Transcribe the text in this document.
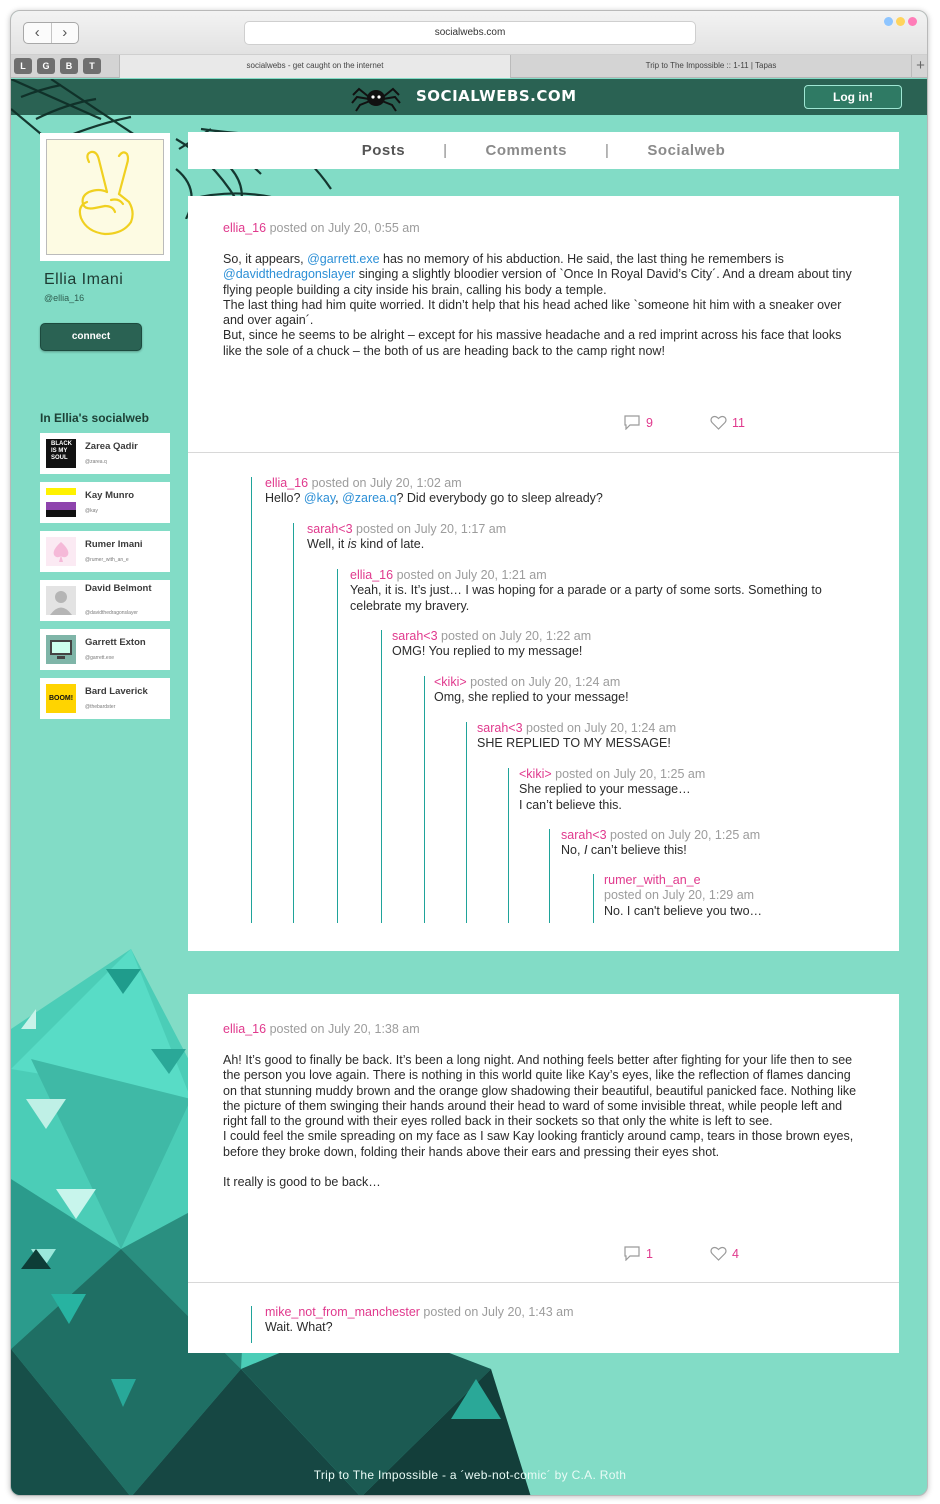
‹	›	socialwebs.com
L	G	B	T	socialwebs - get caught on the internet	Trip to The Impossible :: 1-11 | Tapas	+
SOCIALWEBS.COM	Log in!
Ellia Imani
@ellia_16
connect
In Ellia's socialweb
BLACK IS MY SOUL
Zarea Qadir
@zarea.q
Kay Munro
@kay
Rumer Imani
@rumer_with_an_e
David Belmont
@davidthedragonslayer
Garrett Exton
@garrett.exe
BOOM!
Bard Laverick
@thebardster
Posts	|	Comments	|	Socialweb
ellia_16 posted on July 20, 0:55 am

So, it appears, @garrett.exe has no memory of his abduction. He said, the last thing he remembers is @davidthedragonslayer singing a slightly bloodier version of `Once In Royal David’s City´. And a dream about tiny flying people building a city inside his brain, calling his body a temple.

The last thing had him quite worried. It didn’t help that his head ached like `someone hit him with a sneaker over and over again´.

But, since he seems to be alright – except for his massive headache and a red imprint across his face that looks like the sole of a chuck – the both of us are heading back to the camp right now!

9	11
ellia_16 posted on July 20, 1:02 am
Hello? @kay, @zarea.q? Did everybody go to sleep already?
sarah<3 posted on July 20, 1:17 am
Well, it is kind of late.
ellia_16 posted on July 20, 1:21 am
Yeah, it is. It’s just… I was hoping for a parade or a party of some sorts. Something to celebrate my bravery.
sarah<3 posted on July 20, 1:22 am
OMG! You replied to my message!
<kiki> posted on July 20, 1:24 am
Omg, she replied to your message!
sarah<3 posted on July 20, 1:24 am
SHE REPLIED TO MY MESSAGE!
<kiki> posted on July 20, 1:25 am
She replied to your message…
I can’t believe this.
sarah<3 posted on July 20, 1:25 am
No, I can’t believe this!
rumer_with_an_e
posted on July 20, 1:29 am
No. I can't believe you two…
ellia_16 posted on July 20, 1:38 am

Ah! It’s good to finally be back. It’s been a long night. And nothing feels better after fighting for your life then to see the person you love again. There is nothing in this world quite like Kay’s eyes, like the reflection of flames dancing on that stunning muddy brown and the orange glow shadowing their beautiful, beautiful panicked face. Nothing like the picture of them swinging their hands around their head to ward of some invisible threat, while people left and right fall to the ground with their eyes rolled back in their sockets so that only the white is left to see.

I could feel the smile spreading on my face as I saw Kay looking franticly around camp, tears in those brown eyes, before they broke down, folding their hands above their ears and pressing their eyes shot.

It really is good to be back…

1	4
mike_not_from_manchester posted on July 20, 1:43 am
Wait. What?
Trip to The Impossible - a ´web-not-comic´ by C.A. Roth
